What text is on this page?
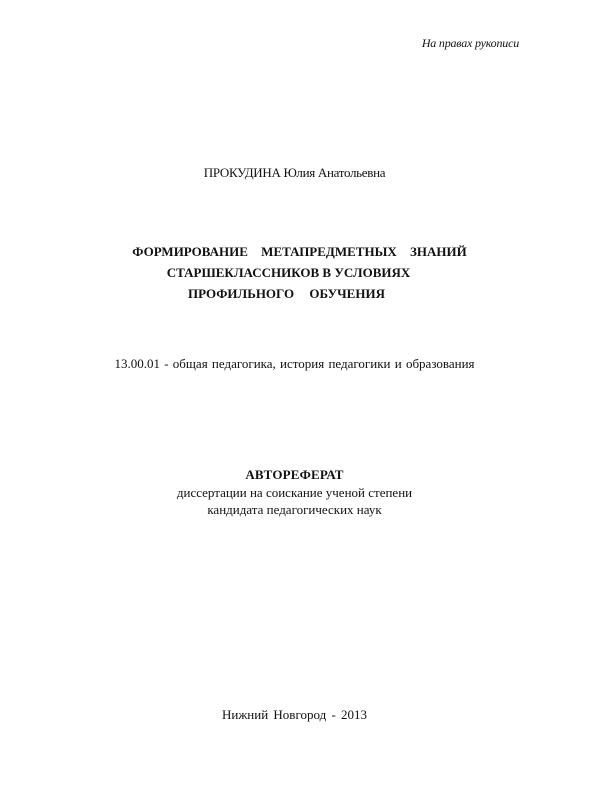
На правах рукописи
ПРОКУДИНА Юлия Анатольевна
ФОРМИРОВАНИЕ МЕТАПРЕДМЕТНЫХ ЗНАНИЙ
СТАРШЕКЛАССНИКОВ В УСЛОВИЯХ
ПРОФИЛЬНОГО ОБУЧЕНИЯ
13.00.01 - общая педагогика, история педагогики и образования
АВТОРЕФЕРАТ
диссертации на соискание ученой степени
кандидата педагогических наук
Нижний Новгород - 2013
